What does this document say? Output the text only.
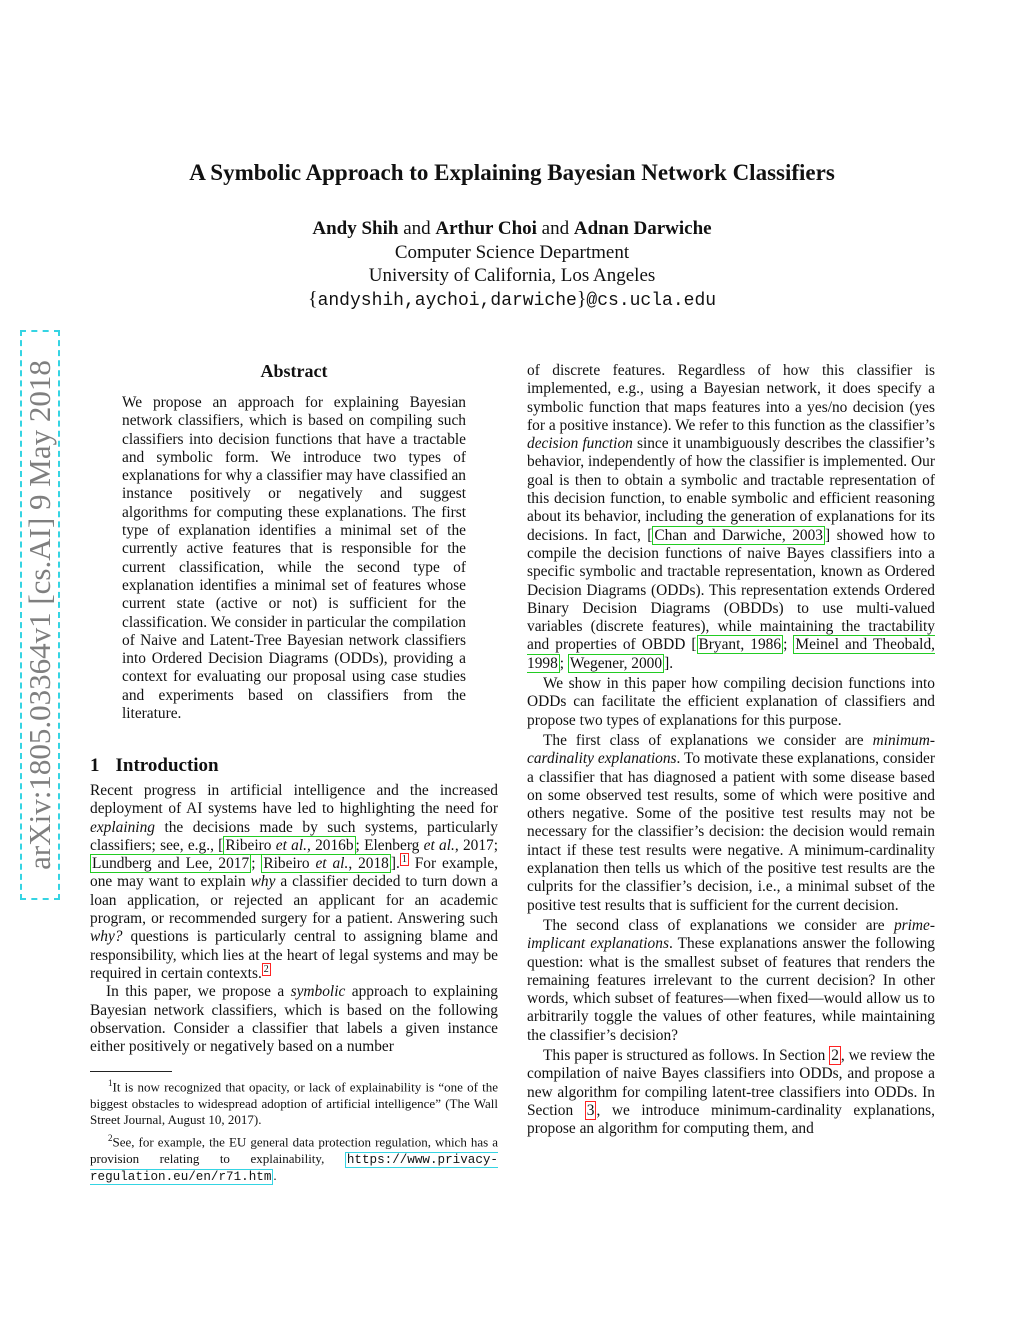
arXiv:1805.03364v1 [cs.AI] 9 May 2018
A Symbolic Approach to Explaining Bayesian Network Classifiers
Andy Shih and Arthur Choi and Adnan Darwiche
Computer Science Department
University of California, Los Angeles
{andyshih,aychoi,darwiche}@cs.ucla.edu
Abstract

We propose an approach for explaining Bayesian network classifiers, which is based on compiling such classifiers into decision functions that have a tractable and symbolic form. We introduce two types of explanations for why a classifier may have classified an instance positively or negatively and suggest algorithms for computing these explanations. The first type of explanation identifies a minimal set of the currently active features that is responsible for the current classification, while the second type of explanation identifies a minimal set of features whose current state (active or not) is sufficient for the classification. We consider in particular the compilation of Naive and Latent-Tree Bayesian network classifiers into Ordered Decision Diagrams (ODDs), providing a context for evaluating our proposal using case studies and experiments based on classifiers from the literature.

1 Introduction

Recent progress in artificial intelligence and the increased deployment of AI systems have led to highlighting the need for explaining the decisions made by such systems, particularly classifiers; see, e.g., [ Ribeiro et al., 2016b ; Elenberg et al., 2017; Lundberg and Lee, 2017 ; Ribeiro et al., 2018 ]. $^1$ For example, one may want to explain why a classifier decided to turn down a loan application, or rejected an applicant for an academic program, or recommended surgery for a patient. Answering such why? questions is particularly central to assigning blame and responsibility, which lies at the heart of legal systems and may be required in certain contexts. $^2$

In this paper, we propose a symbolic approach to explaining Bayesian network classifiers, which is based on the following observation. Consider a classifier that labels a given instance either positively or negatively based on a number

$^1$It is now recognized that opacity, or lack of explainability is “one of the biggest obstacles to widespread adoption of artificial intelligence” (The Wall Street Journal, August 10, 2017).

$^2$See, for example, the EU general data protection regulation, which has a provision relating to explainability, https://www.privacy-regulation.eu/en/r71.htm .

of discrete features. Regardless of how this classifier is implemented, e.g., using a Bayesian network, it does specify a symbolic function that maps features into a yes/no decision (yes for a positive instance). We refer to this function as the classifier’s decision function since it unambiguously describes the classifier’s behavior, independently of how the classifier is implemented. Our goal is then to obtain a symbolic and tractable representation of this decision function, to enable symbolic and efficient reasoning about its behavior, including the generation of explanations for its decisions. In fact, [ Chan and Darwiche, 2003 ] showed how to compile the decision functions of naive Bayes classifiers into a specific symbolic and tractable representation, known as Ordered Decision Diagrams (ODDs). This representation extends Ordered Binary Decision Diagrams (OBDDs) to use multi-valued variables (discrete features), while maintaining the tractability and properties of OBDD [ Bryant, 1986 ; Meinel and Theobald, 1998 ; Wegener, 2000 ].

We show in this paper how compiling decision functions into ODDs can facilitate the efficient explanation of classifiers and propose two types of explanations for this purpose.

The first class of explanations we consider are minimum-cardinality explanations. To motivate these explanations, consider a classifier that has diagnosed a patient with some disease based on some observed test results, some of which were positive and others negative. Some of the positive test results may not be necessary for the classifier’s decision: the decision would remain intact if these test results were negative. A minimum-cardinality explanation then tells us which of the positive test results are the culprits for the classifier’s decision, i.e., a minimal subset of the positive test results that is sufficient for the current decision.

The second class of explanations we consider are prime-implicant explanations. These explanations answer the following question: what is the smallest subset of features that renders the remaining features irrelevant to the current decision? In other words, which subset of features—when fixed—would allow us to arbitrarily toggle the values of other features, while maintaining the classifier’s decision?

This paper is structured as follows. In Section 2 , we review the compilation of naive Bayes classifiers into ODDs, and propose a new algorithm for compiling latent-tree classifiers into ODDs. In Section 3 , we introduce minimum-cardinality explanations, propose an algorithm for computing them, and
